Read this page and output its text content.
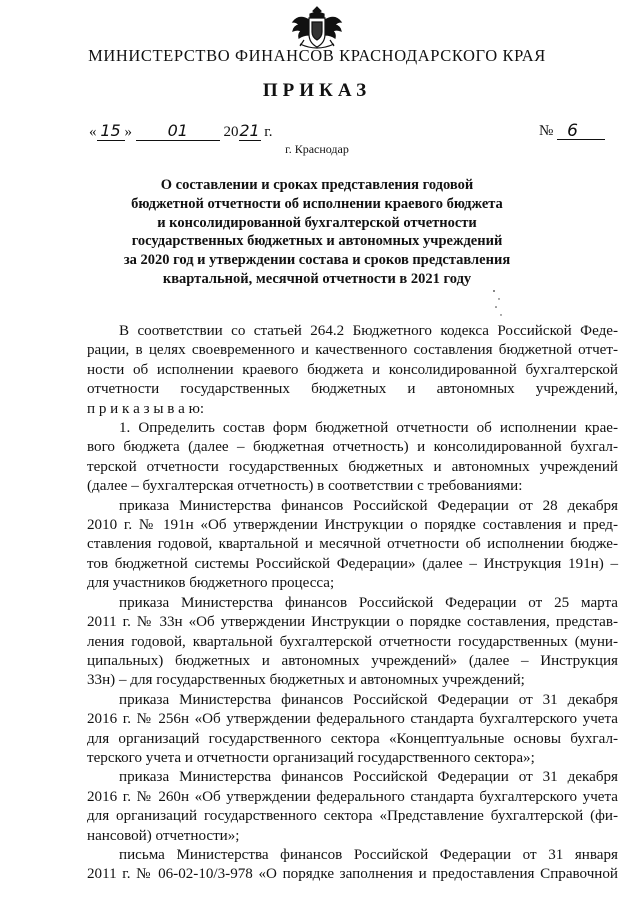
МИНИСТЕРСТВО ФИНАНСОВ КРАСНОДАРСКОГО КРАЯ
ПРИКАЗ
« 15 » 01 2021 г.	№ 6
г. Краснодар
О составлении и сроках представления годовой
бюджетной отчетности об исполнении краевого бюджета
и консолидированной бухгалтерской отчетности
государственных бюджетных и автономных учреждений
за 2020 год и утверждении состава и сроков представления
квартальной, месячной отчетности в 2021 году
В соответствии со статьей 264.2 Бюджетного кодекса Российской Феде-
рации, в целях своевременного и качественного составления бюджетной отчет-
ности об исполнении краевого бюджета и консолидированной бухгалтерской
отчетности государственных бюджетных и автономных учреждений,
п р и к а з ы в а ю:
1. Определить состав форм бюджетной отчетности об исполнении крае-
вого бюджета (далее – бюджетная отчетность) и консолидированной бухгал-
терской отчетности государственных бюджетных и автономных учреждений
(далее – бухгалтерская отчетность) в соответствии с требованиями:
приказа Министерства финансов Российской Федерации от 28 декабря
2010 г. № 191н «Об утверждении Инструкции о порядке составления и пред-
ставления годовой, квартальной и месячной отчетности об исполнении бюдже-
тов бюджетной системы Российской Федерации» (далее – Инструкция 191н) –
для участников бюджетного процесса;
приказа Министерства финансов Российской Федерации от 25 марта
2011 г. № 33н «Об утверждении Инструкции о порядке составления, представ-
ления годовой, квартальной бухгалтерской отчетности государственных (муни-
ципальных) бюджетных и автономных учреждений» (далее – Инструкция
33н) – для государственных бюджетных и автономных учреждений;
приказа Министерства финансов Российской Федерации от 31 декабря
2016 г. № 256н «Об утверждении федерального стандарта бухгалтерского учета
для организаций государственного сектора «Концептуальные основы бухгал-
терского учета и отчетности организаций государственного сектора»;
приказа Министерства финансов Российской Федерации от 31 декабря
2016 г. № 260н «Об утверждении федерального стандарта бухгалтерского учета
для организаций государственного сектора «Представление бухгалтерской (фи-
нансовой) отчетности»;
письма Министерства финансов Российской Федерации от 31 января
2011 г. № 06-02-10/3-978 «О порядке заполнения и предоставления Справочной
